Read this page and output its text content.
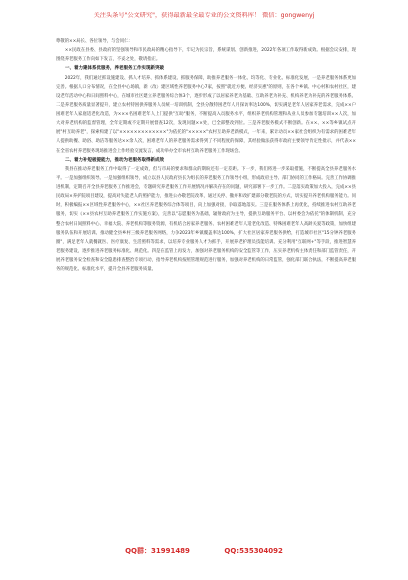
关注头条号"公文研究"，获得最新最全最专业的公文资料库！ 微信：gongwenyj

尊敬的××局长、各位领导，与会同仁：

××民政在县委、县政府的坚强领导和市民政局的精心指导下，牢记为民宗旨，系统谋划、创新推进，2022年各项工作取得新成效。根据会议安排，现围绕养老服务工作向如下发言，不妥之处，敬请指正。

一、着力建体系优服务，养老服务工作实现新突破

2022年，我们通过抓设施建设、抓人才培养、抓体系建设、抓服务保障，助推养老服务一体化、均等化、专业化、标准化发展，一是养老服务体系更加完善。根据人口分布情况，在全县中心场镇，新（改）建区域性养老服务中心7家，按照"就近方便、经济实惠"的原则，在各个乡镇、中心村和农村社区，建设老年活动中心和日间照料中心，在城市社区建立养老服务综合体3个，逐步形成了以居家养老为基础、互助养老为补充、机构养老为补充的养老服务体系。二是养老服务质量显著提升，建立农村特困供养服务人员统一培训机制，全县分散特困老年人月探访率达100%，切实满足老年人居家养老需求，完成××户困难老年人家庭适老化改造，为×××名困难老年人上门提供"互助"服务，不断提高入员服务水平，组织养老机构管理和从业人员参加专题培训××人次，加大对养老机构的监督管理，全年定期或不定期开展督查12次，发现问题××处，已全部整改到位。三是养老服务模式不断创新。在××、××等乡镇试点开展"村互助养老"，探索构建了以"×××××××××××××"为依托的"×××××"农村互助养老新模式，一年来，累计动员××家社会组织为有需求的困难老年人提供助餐、助浴、助洁等服务达××余人次，困难老年人的养老服务需求得到了不同程度的保障，其经验做法获得市政府主要领导肯定性批示，并代表××在全省农村养老服务现场推进会上作经验交流发言，成功举办全市农村互助养老服务工作现场会。

二、着力补短板提能力，推动为老服务取得新成效

我县在推动养老服务工作中取得了一定成效，但与市局的要求和群众的期盼还有一定差距。下一步，我们将进一步采取措施，不断提高全县养老服务水平。一是加强组织领导。一是加强组织领导，成立以县人民政府县长为组长的养老服务工作领导小组，形成政府主导、部门协同的工作格局。完善工作协调推进机制，定期召开全县养老服务工作推进会，专题研究养老服务工作开展情况并解决存在的问题，研究部署下一步工作。二是落实政策加大投入，完成××县民政局×养护院项目建设，提高对失能老人的照护能力，推进公办敬老院改革，通过关停、撤并和改扩建部分敬老院的方式，切实提升养老机构服务能力。同时，积极编报××区域性养老服务中心，××社区养老服务综合体等项目，向上加强对接，争取落地落实。三是在服务体系上再优化，持续推进农村互助养老服务，切实《××县农村互助养老服务工作实施方案》，完善以"志愿服务为基础，辐射政府为主导，提供互助服务平台、以村委会为依托"的体制机制，充分整合农村日间照料中心、幸福大院、养老机构等服务资源，有机结合居家养老服务、农村困难老年人适老化改造、特殊困难老年人高龄关爱等政策，加快组建服务队伍和开展培训。推动健全县乡村三级养老服务网络，力争2023年乡镇覆盖率达100%，扩大社区居家养老服务供给，打造城市社区"15分钟养老服务圈"，满足老年人就餐就医、医疗康复、生活照料等需求，以培养专业服务人才为抓手，开展养老护理员技能培训。充分利用"互联网+"等手段，推进智慧养老服务建设，逐步推进养老服务标准化、规范化。四是在监管上再发力，加强对养老服务机构的安全监管等工作，压实养老机构主体责任和部门监管责任，开展养老服务安全检查和安全隐患排查整治专项行动，指导养老机构按照管理规范进行服务，加强对养老机构的日常监管，强化部门联合执法，不断提高养老服务的规范化、标准化水平，提升全县养老服务质量。

QQ群：31991489	QQ:535304092
